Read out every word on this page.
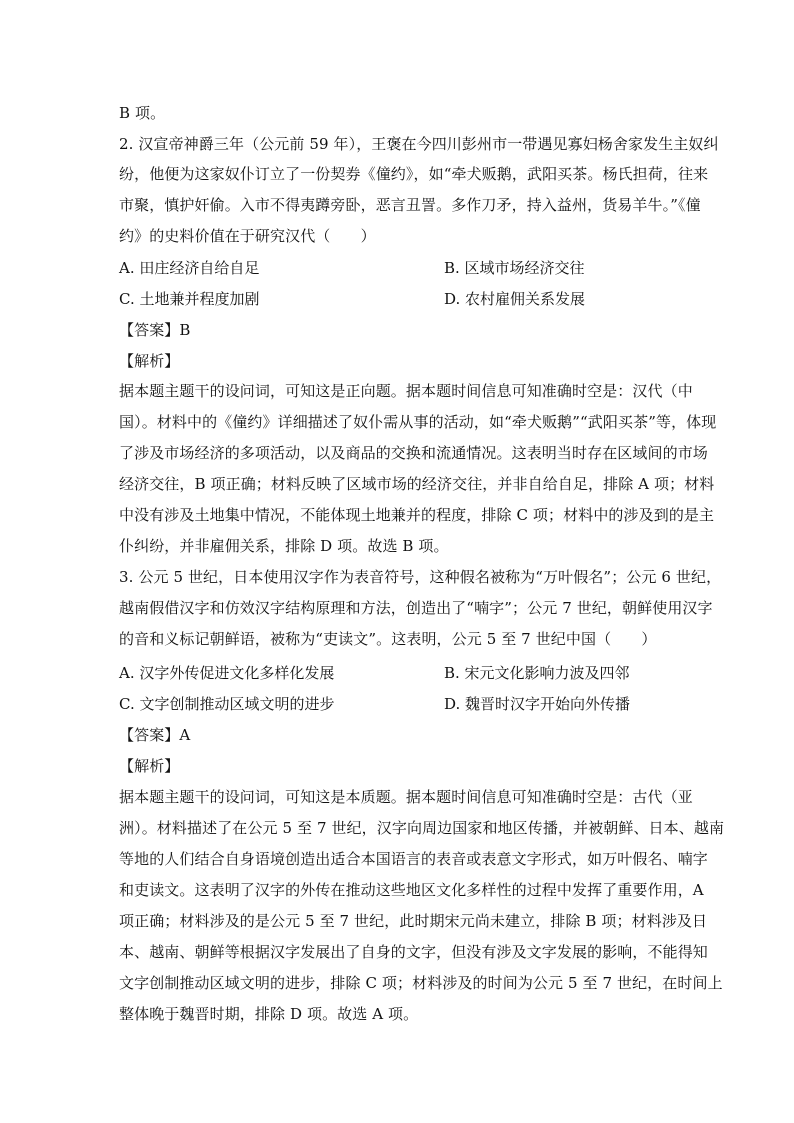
B 项。
2. 汉宣帝神爵三年（公元前 59 年），王褒在今四川彭州市一带遇见寡妇杨舍家发生主奴纠
纷，他便为这家奴仆订立了一份契券《僮约》，如“牵犬贩鹅，武阳买茶。杨氏担荷，往来
市聚，慎护奸偷。入市不得夷蹲旁卧，恶言丑詈。多作刀矛，持入益州，货易羊牛。”《僮
约》的史料价值在于研究汉代（　　）
A. 田庄经济自给自足	B. 区域市场经济交往
C. 土地兼并程度加剧	D. 农村雇佣关系发展
【答案】B
【解析】
据本题主题干的设问词，可知这是正向题。据本题时间信息可知准确时空是：汉代（中
国）。材料中的《僮约》详细描述了奴仆需从事的活动，如“牵犬贩鹅”“武阳买茶”等，体现
了涉及市场经济的多项活动，以及商品的交换和流通情况。这表明当时存在区域间的市场
经济交往，B 项正确；材料反映了区域市场的经济交往，并非自给自足，排除 A 项；材料
中没有涉及土地集中情况，不能体现土地兼并的程度，排除 C 项；材料中的涉及到的是主
仆纠纷，并非雇佣关系，排除 D 项。故选 B 项。
3. 公元 5 世纪，日本使用汉字作为表音符号，这种假名被称为“万叶假名”；公元 6 世纪，
越南假借汉字和仿效汉字结构原理和方法，创造出了“喃字”；公元 7 世纪，朝鲜使用汉字
的音和义标记朝鲜语，被称为“吏读文”。这表明，公元 5 至 7 世纪中国（　　）
A. 汉字外传促进文化多样化发展	B. 宋元文化影响力波及四邻
C. 文字创制推动区域文明的进步	D. 魏晋时汉字开始向外传播
【答案】A
【解析】
据本题主题干的设问词，可知这是本质题。据本题时间信息可知准确时空是：古代（亚
洲）。材料描述了在公元 5 至 7 世纪，汉字向周边国家和地区传播，并被朝鲜、日本、越南
等地的人们结合自身语境创造出适合本国语言的表音或表意文字形式，如万叶假名、喃字
和吏读文。这表明了汉字的外传在推动这些地区文化多样性的过程中发挥了重要作用，A
项正确；材料涉及的是公元 5 至 7 世纪，此时期宋元尚未建立，排除 B 项；材料涉及日
本、越南、朝鲜等根据汉字发展出了自身的文字，但没有涉及文字发展的影响，不能得知
文字创制推动区域文明的进步，排除 C 项；材料涉及的时间为公元 5 至 7 世纪，在时间上
整体晚于魏晋时期，排除 D 项。故选 A 项。
